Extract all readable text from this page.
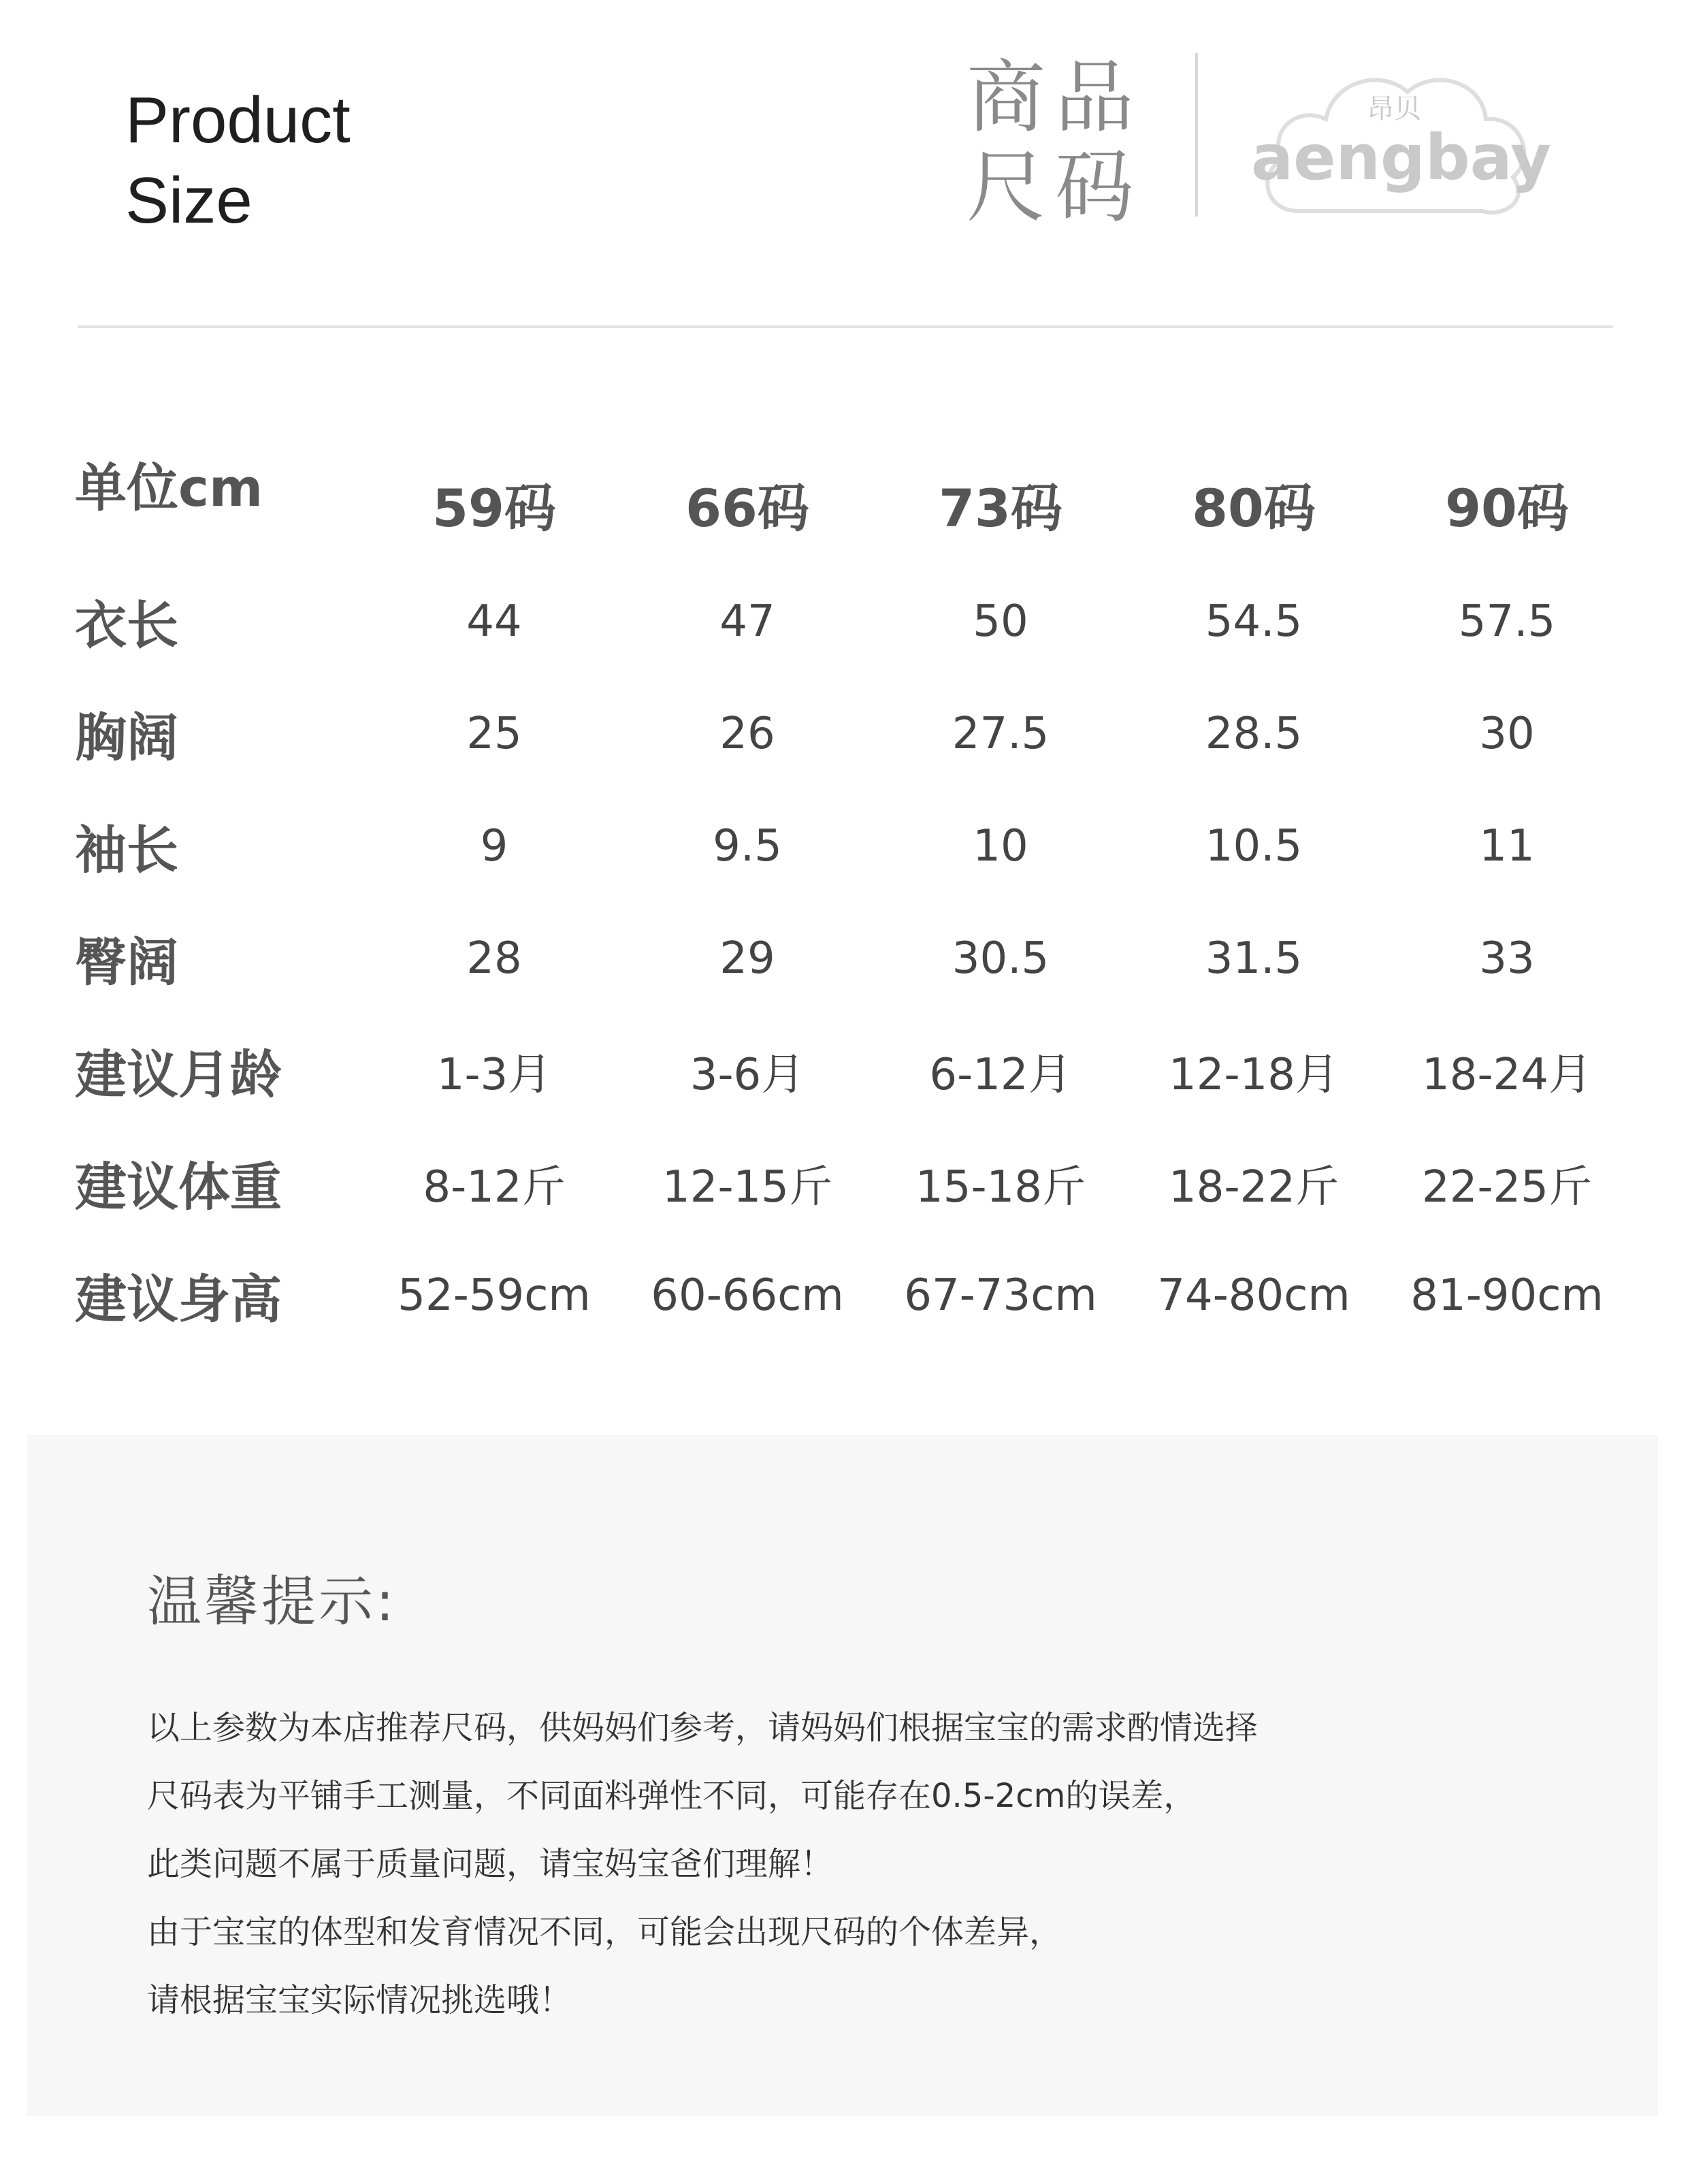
Product
Size
商品
尺码
昂贝
aengbay
单位cm	59码	66码	73码	80码	90码
衣长	44	47	50	54.5	57.5
胸阔	25	26	27.5	28.5	30
袖长	9	9.5	10	10.5	11
臀阔	28	29	30.5	31.5	33
建议月龄	1-3月	3-6月	6-12月	12-18月	18-24月
建议体重	8-12斤	12-15斤	15-18斤	18-22斤	22-25斤
建议身高	52-59cm	60-66cm	67-73cm	74-80cm	81-90cm
温馨提示:
以上参数为本店推荐尺码，供妈妈们参考，请妈妈们根据宝宝的需求酌情选择
尺码表为平铺手工测量，不同面料弹性不同，可能存在0.5-2cm的误差，
此类问题不属于质量问题，请宝妈宝爸们理解！
由于宝宝的体型和发育情况不同，可能会出现尺码的个体差异，
请根据宝宝实际情况挑选哦！
